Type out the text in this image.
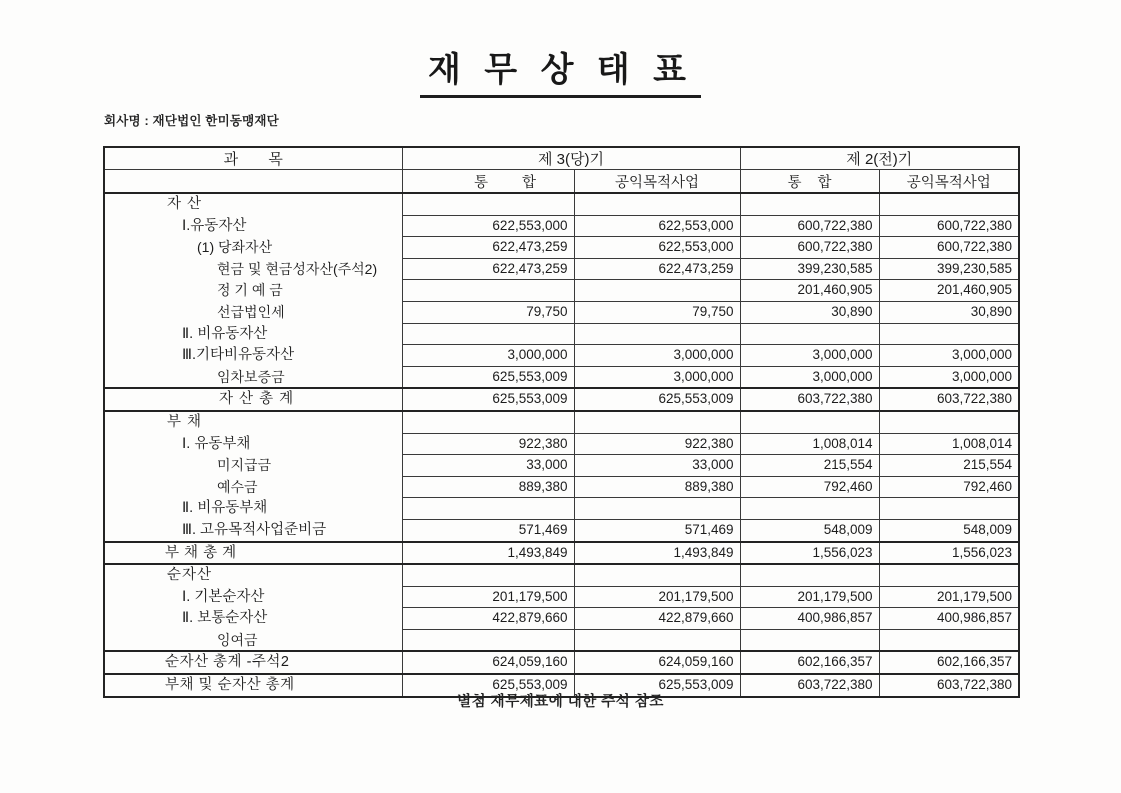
재 무 상 태 표
회사명 : 재단법인 한미동맹재단
과 목	제 3(당)기		제 2(전)기	
	통 합	공익목적사업	통 합	공익목적사업
자 산				
Ⅰ.유동자산	622,553,000	622,553,000	600,722,380	600,722,380
(1) 당좌자산	622,473,259	622,553,000	600,722,380	600,722,380
현금 및 현금성자산(주석2)	622,473,259	622,473,259	399,230,585	399,230,585
정 기 예 금			201,460,905	201,460,905
선급법인세	79,750	79,750	30,890	30,890
Ⅱ. 비유동자산				
Ⅲ.기타비유동자산	3,000,000	3,000,000	3,000,000	3,000,000
임차보증금	625,553,009	3,000,000	3,000,000	3,000,000
자 산 총 계	625,553,009	625,553,009	603,722,380	603,722,380
부 채				
Ⅰ. 유동부채	922,380	922,380	1,008,014	1,008,014
미지급금	33,000	33,000	215,554	215,554
예수금	889,380	889,380	792,460	792,460
Ⅱ. 비유동부채				
Ⅲ. 고유목적사업준비금	571,469	571,469	548,009	548,009
부 채 총 계	1,493,849	1,493,849	1,556,023	1,556,023
순자산				
Ⅰ. 기본순자산	201,179,500	201,179,500	201,179,500	201,179,500
Ⅱ. 보통순자산	422,879,660	422,879,660	400,986,857	400,986,857
잉여금				
순자산 총계 -주석2	624,059,160	624,059,160	602,166,357	602,166,357
부채 및 순자산 총계	625,553,009	625,553,009	603,722,380	603,722,380
별첨 재무제표에 대한 주석 참조
